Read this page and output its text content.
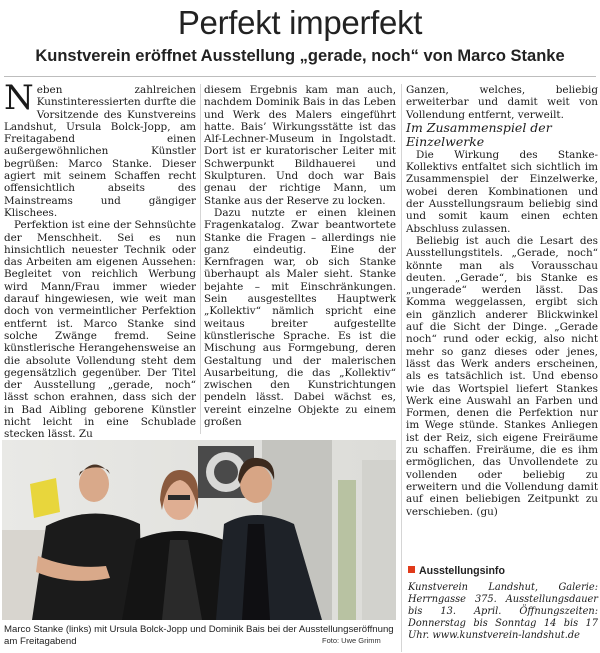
Perfekt imperfekt
Kunstverein eröffnet Ausstellung „gerade, noch“ von Marco Stanke

Neben zahlreichen Kunstinteressierten durfte die Vorsitzende des Kunstvereins Landshut, Ursula Bolck-Jopp, am Freitagabend einen außergewöhnlichen Künstler begrüßen: Marco Stanke. Dieser agiert mit seinem Schaffen recht offensichtlich abseits des Mainstreams und gängiger Klischees.

Perfektion ist eine der Sehnsüchte der Menschheit. Sei es nun hinsichtlich neuester Technik oder das Arbeiten am eigenen Aussehen: Begleitet von reichlich Werbung wird Mann/Frau immer wieder darauf hingewiesen, wie weit man doch von vermeintlicher Perfektion entfernt ist. Marco Stanke sind solche Zwänge fremd. Seine künstlerische Herangehensweise an die absolute Vollendung steht dem gegensätzlich gegenüber. Der Titel der Ausstellung „gerade, noch“ lässt schon erahnen, dass sich der in Bad Aibling geborene Künstler nicht leicht in eine Schublade stecken lässt. Zu

diesem Ergebnis kam man auch, nachdem Dominik Bais in das Leben und Werk des Malers eingeführt hatte. Bais’ Wirkungsstätte ist das Alf-Lechner-Museum in Ingolstadt. Dort ist er kuratorischer Leiter mit Schwerpunkt Bildhauerei und Skulpturen. Und doch war Bais genau der richtige Mann, um Stanke aus der Reserve zu locken.

Dazu nutzte er einen kleinen Fragenkatalog. Zwar beantwortete Stanke die Fragen – allerdings nie ganz eindeutig. Eine der Kernfragen war, ob sich Stanke überhaupt als Maler sieht. Stanke bejahte – mit Einschränkungen. Sein ausgestelltes Hauptwerk „Kollektiv“ nämlich spricht eine weitaus breiter aufgestellte künstlerische Sprache. Es ist die Mischung aus Formgebung, deren Gestaltung und der malerischen Ausarbeitung, die das „Kollektiv“ zwischen den Kunstrichtungen pendeln lässt. Dabei wächst es, vereint einzelne Objekte zu einem großen

Ganzen, welches, beliebig erweiterbar und damit weit von Vollendung entfernt, verweilt.

Im Zusammenspiel der Einzelwerke

Die Wirkung des Stanke-Kollektivs entfaltet sich sichtlich im Zusammenspiel der Einzelwerke, wobei deren Kombinationen und der Ausstellungsraum beliebig sind und somit kaum einen echten Abschluss zulassen.

Beliebig ist auch die Lesart des Ausstellungstitels. „Gerade, noch“ könnte man als Vorausschau deuten. „Gerade“, bis Stanke es „ungerade“ werden lässt. Das Komma weggelassen, ergibt sich ein gänzlich anderer Blickwinkel auf die Sicht der Dinge. „Gerade noch“ rund oder eckig, also nicht mehr so ganz dieses oder jenes, lässt das Werk anders erscheinen, als es tatsächlich ist. Und ebenso wie das Wortspiel liefert Stankes Werk eine Auswahl an Farben und Formen, denen die Perfektion nur im Wege stünde. Stankes Anliegen ist der Reiz, sich eigene Freiräume zu schaffen. Freiräume, die es ihm ermöglichen, das Unvollendete zu vollenden oder beliebig zu erweitern und die Vollendung damit auf einen beliebigen Zeitpunkt zu verschieben. (gu)

Marco Stanke (links) mit Ursula Bolck-Jopp und Dominik Bais bei der Ausstellungseröffnung am Freitagabend	Foto: Uwe Grimm
Ausstellungsinfo
Kunstverein Landshut, Galerie: Herrngasse 375. Ausstellungsdauer bis 13. April. Öffnungszeiten: Donnerstag bis Sonntag 14 bis 17 Uhr. www.kunstverein-landshut.de
